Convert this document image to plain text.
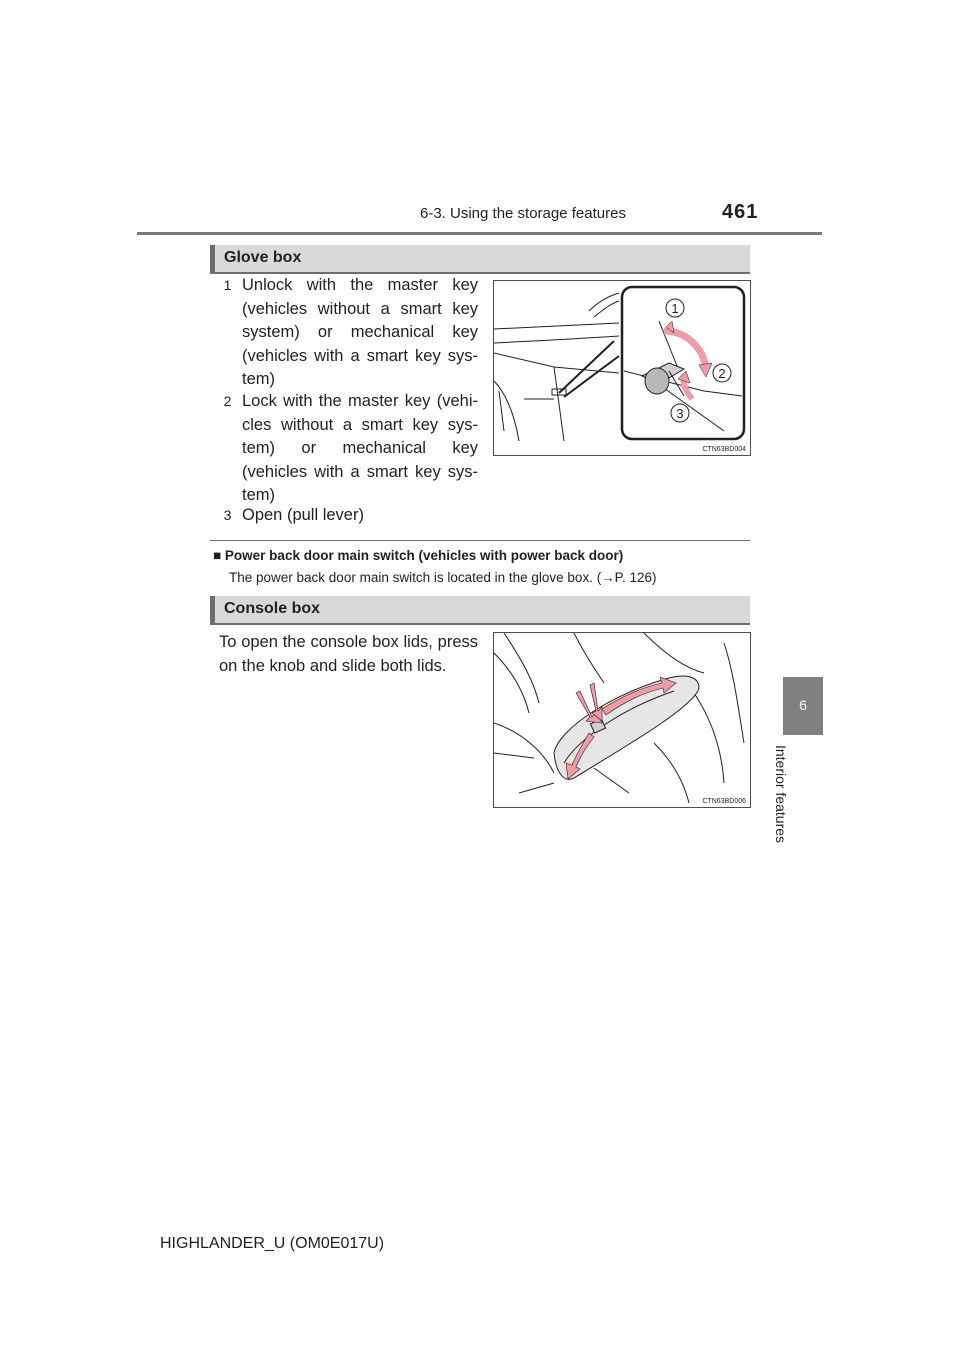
6-3. Using the storage features	461
6
Interior features
Glove box
1 Unlock with the master key (vehicles without a smart key system) or mechanical key (vehicles with a smart key sys-tem)
2 Lock with the master key (vehi-cles without a smart key sys-tem) or mechanical key (vehicles with a smart key sys-tem)
3 Open (pull lever)
1
2
3
CTN63BD004
■ Power back door main switch (vehicles with power back door)
The power back door main switch is located in the glove box. (→P. 126)
Console box
To open the console box lids, press on the knob and slide both lids.
CTN63BD006
HIGHLANDER_U (OM0E017U)
